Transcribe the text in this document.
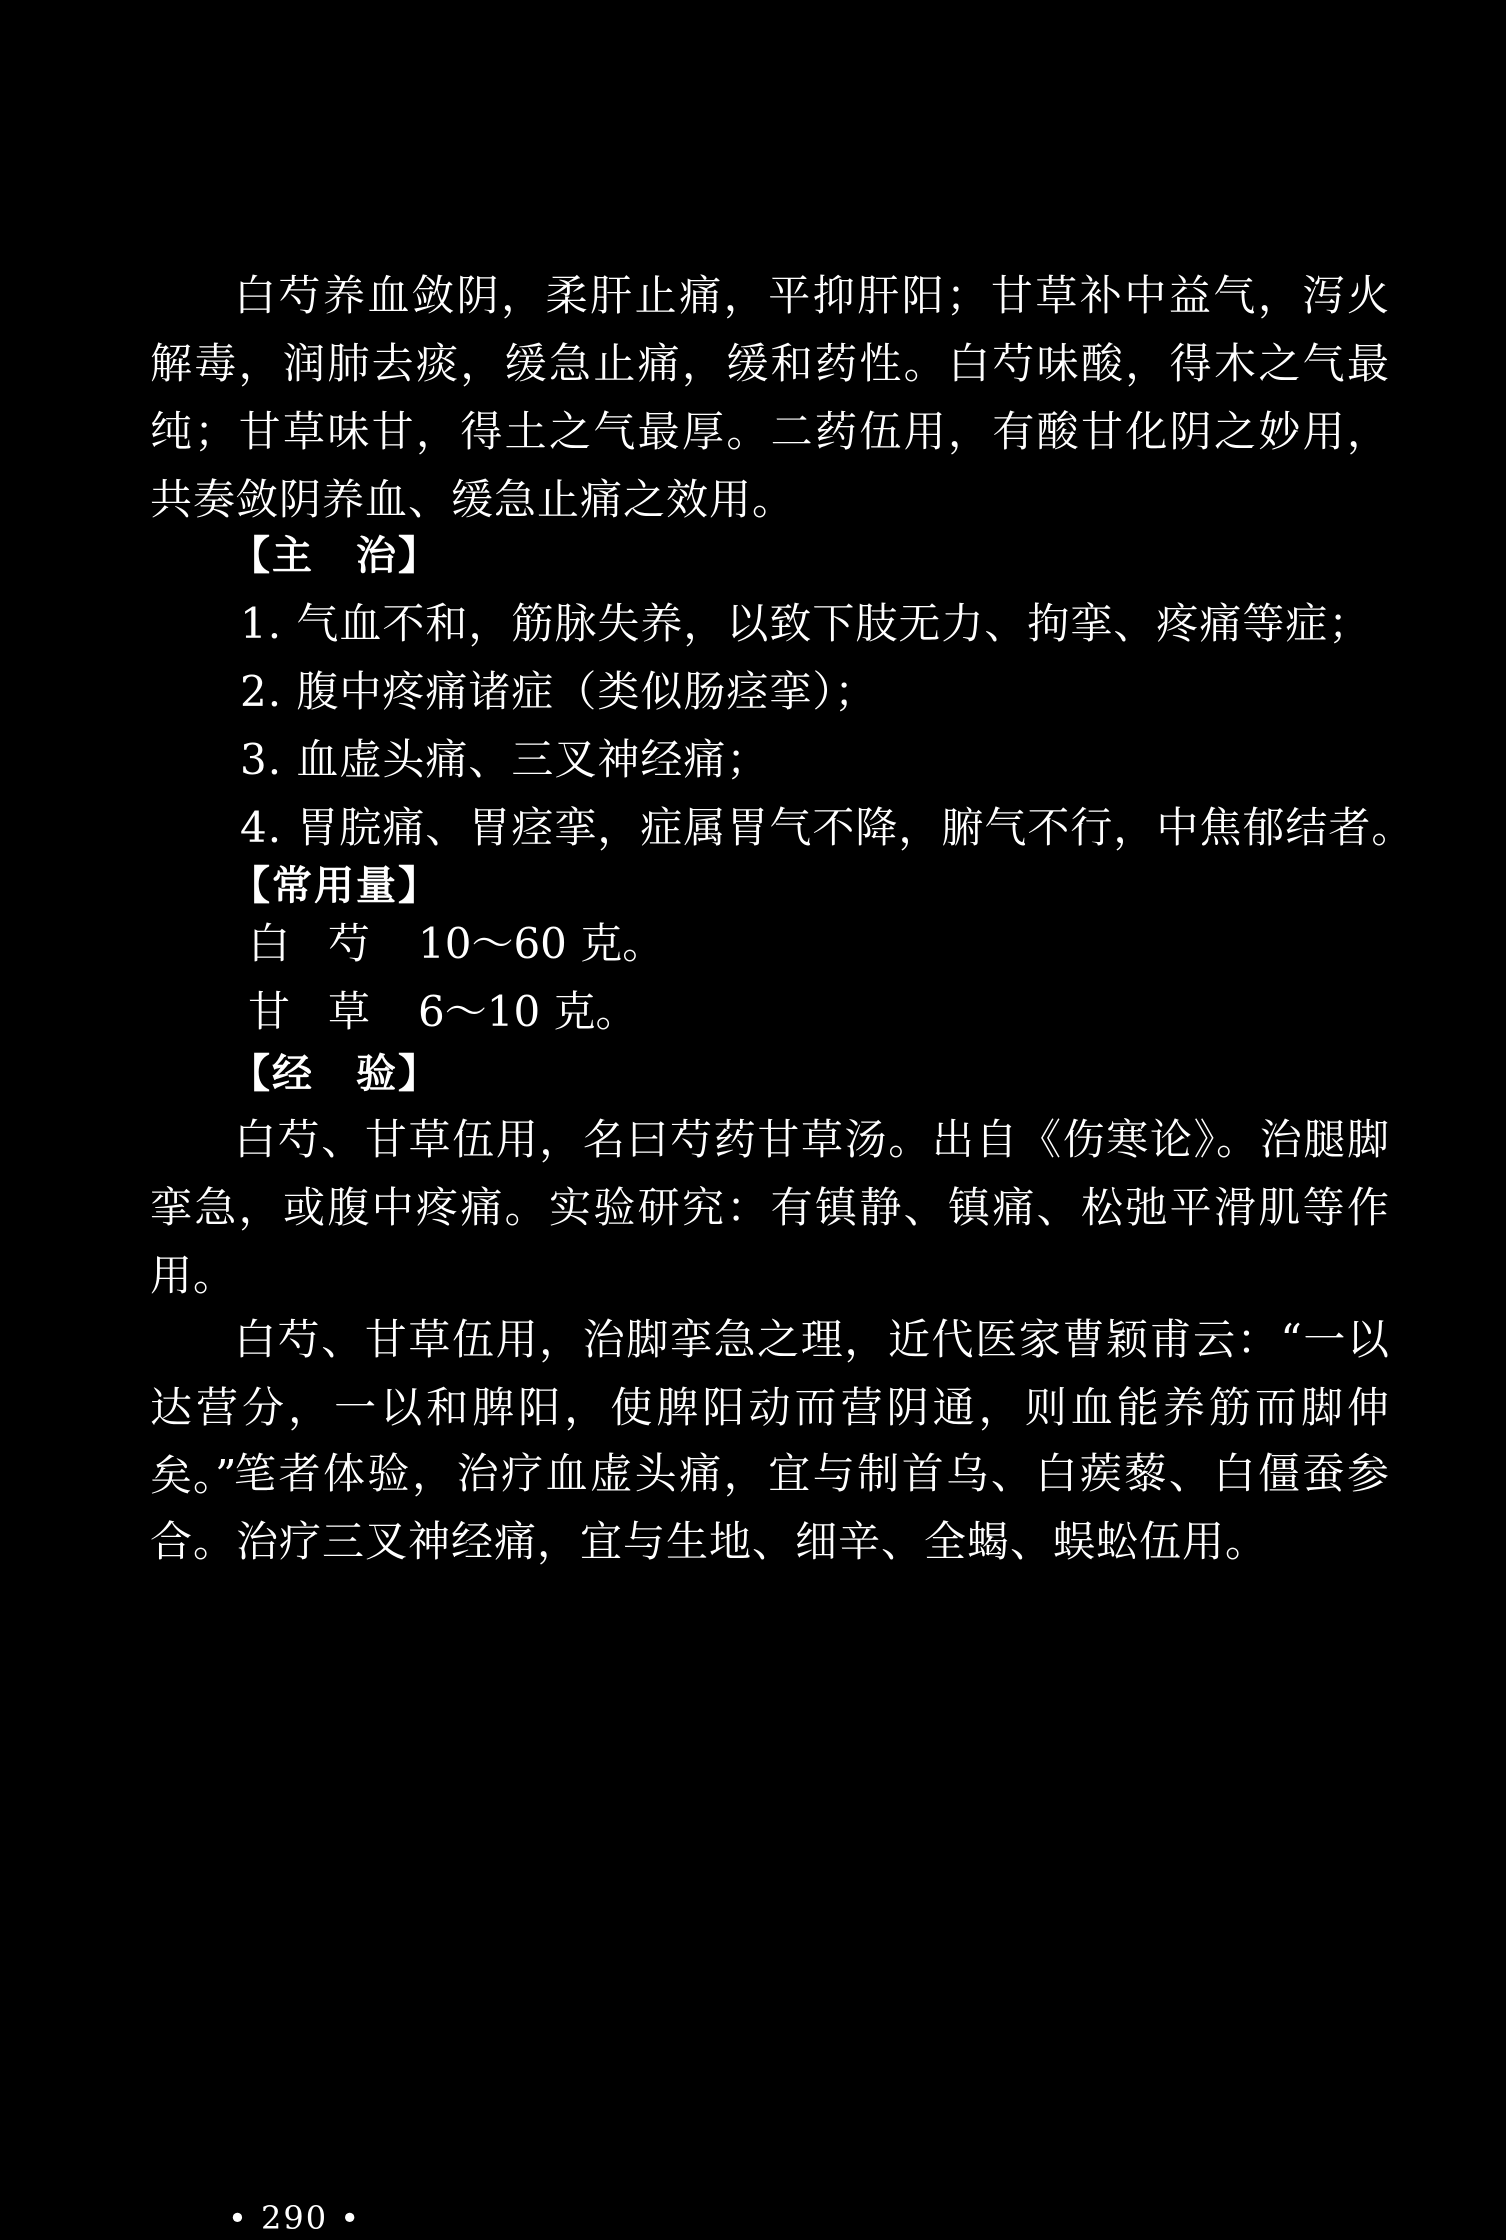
白芍养血敛阴，柔肝止痛，平抑肝阳；甘草补中益气，泻火解毒，润肺去痰，缓急止痛，缓和药性。白芍味酸，得木之气最纯；甘草味甘，得土之气最厚。二药伍用，有酸甘化阴之妙用，共奏敛阴养血、缓急止痛之效用。

【主　治】

1. 气血不和，筋脉失养，以致下肢无力、拘挛、疼痛等症；

2. 腹中疼痛诸症（类似肠痉挛）；

3. 血虚头痛、三叉神经痛；

4. 胃脘痛、胃痉挛，症属胃气不降，腑气不行，中焦郁结者。

【常用量】

白芍 10～60 克。

甘草 6～10 克。

【经　验】

白芍、甘草伍用，名曰芍药甘草汤。出自《伤寒论》。治腿脚挛急，或腹中疼痛。实验研究：有镇静、镇痛、松弛平滑肌等作用。

白芍、甘草伍用，治脚挛急之理，近代医家曹颖甫云：“一以达营分，一以和脾阳，使脾阳动而营阴通，则血能养筋而脚伸矣。”

笔者体验，治疗血虚头痛，宜与制首乌、白蒺藜、白僵蚕参合。治疗三叉神经痛，宜与生地、细辛、全蝎、蜈蚣伍用。

• 290 •
